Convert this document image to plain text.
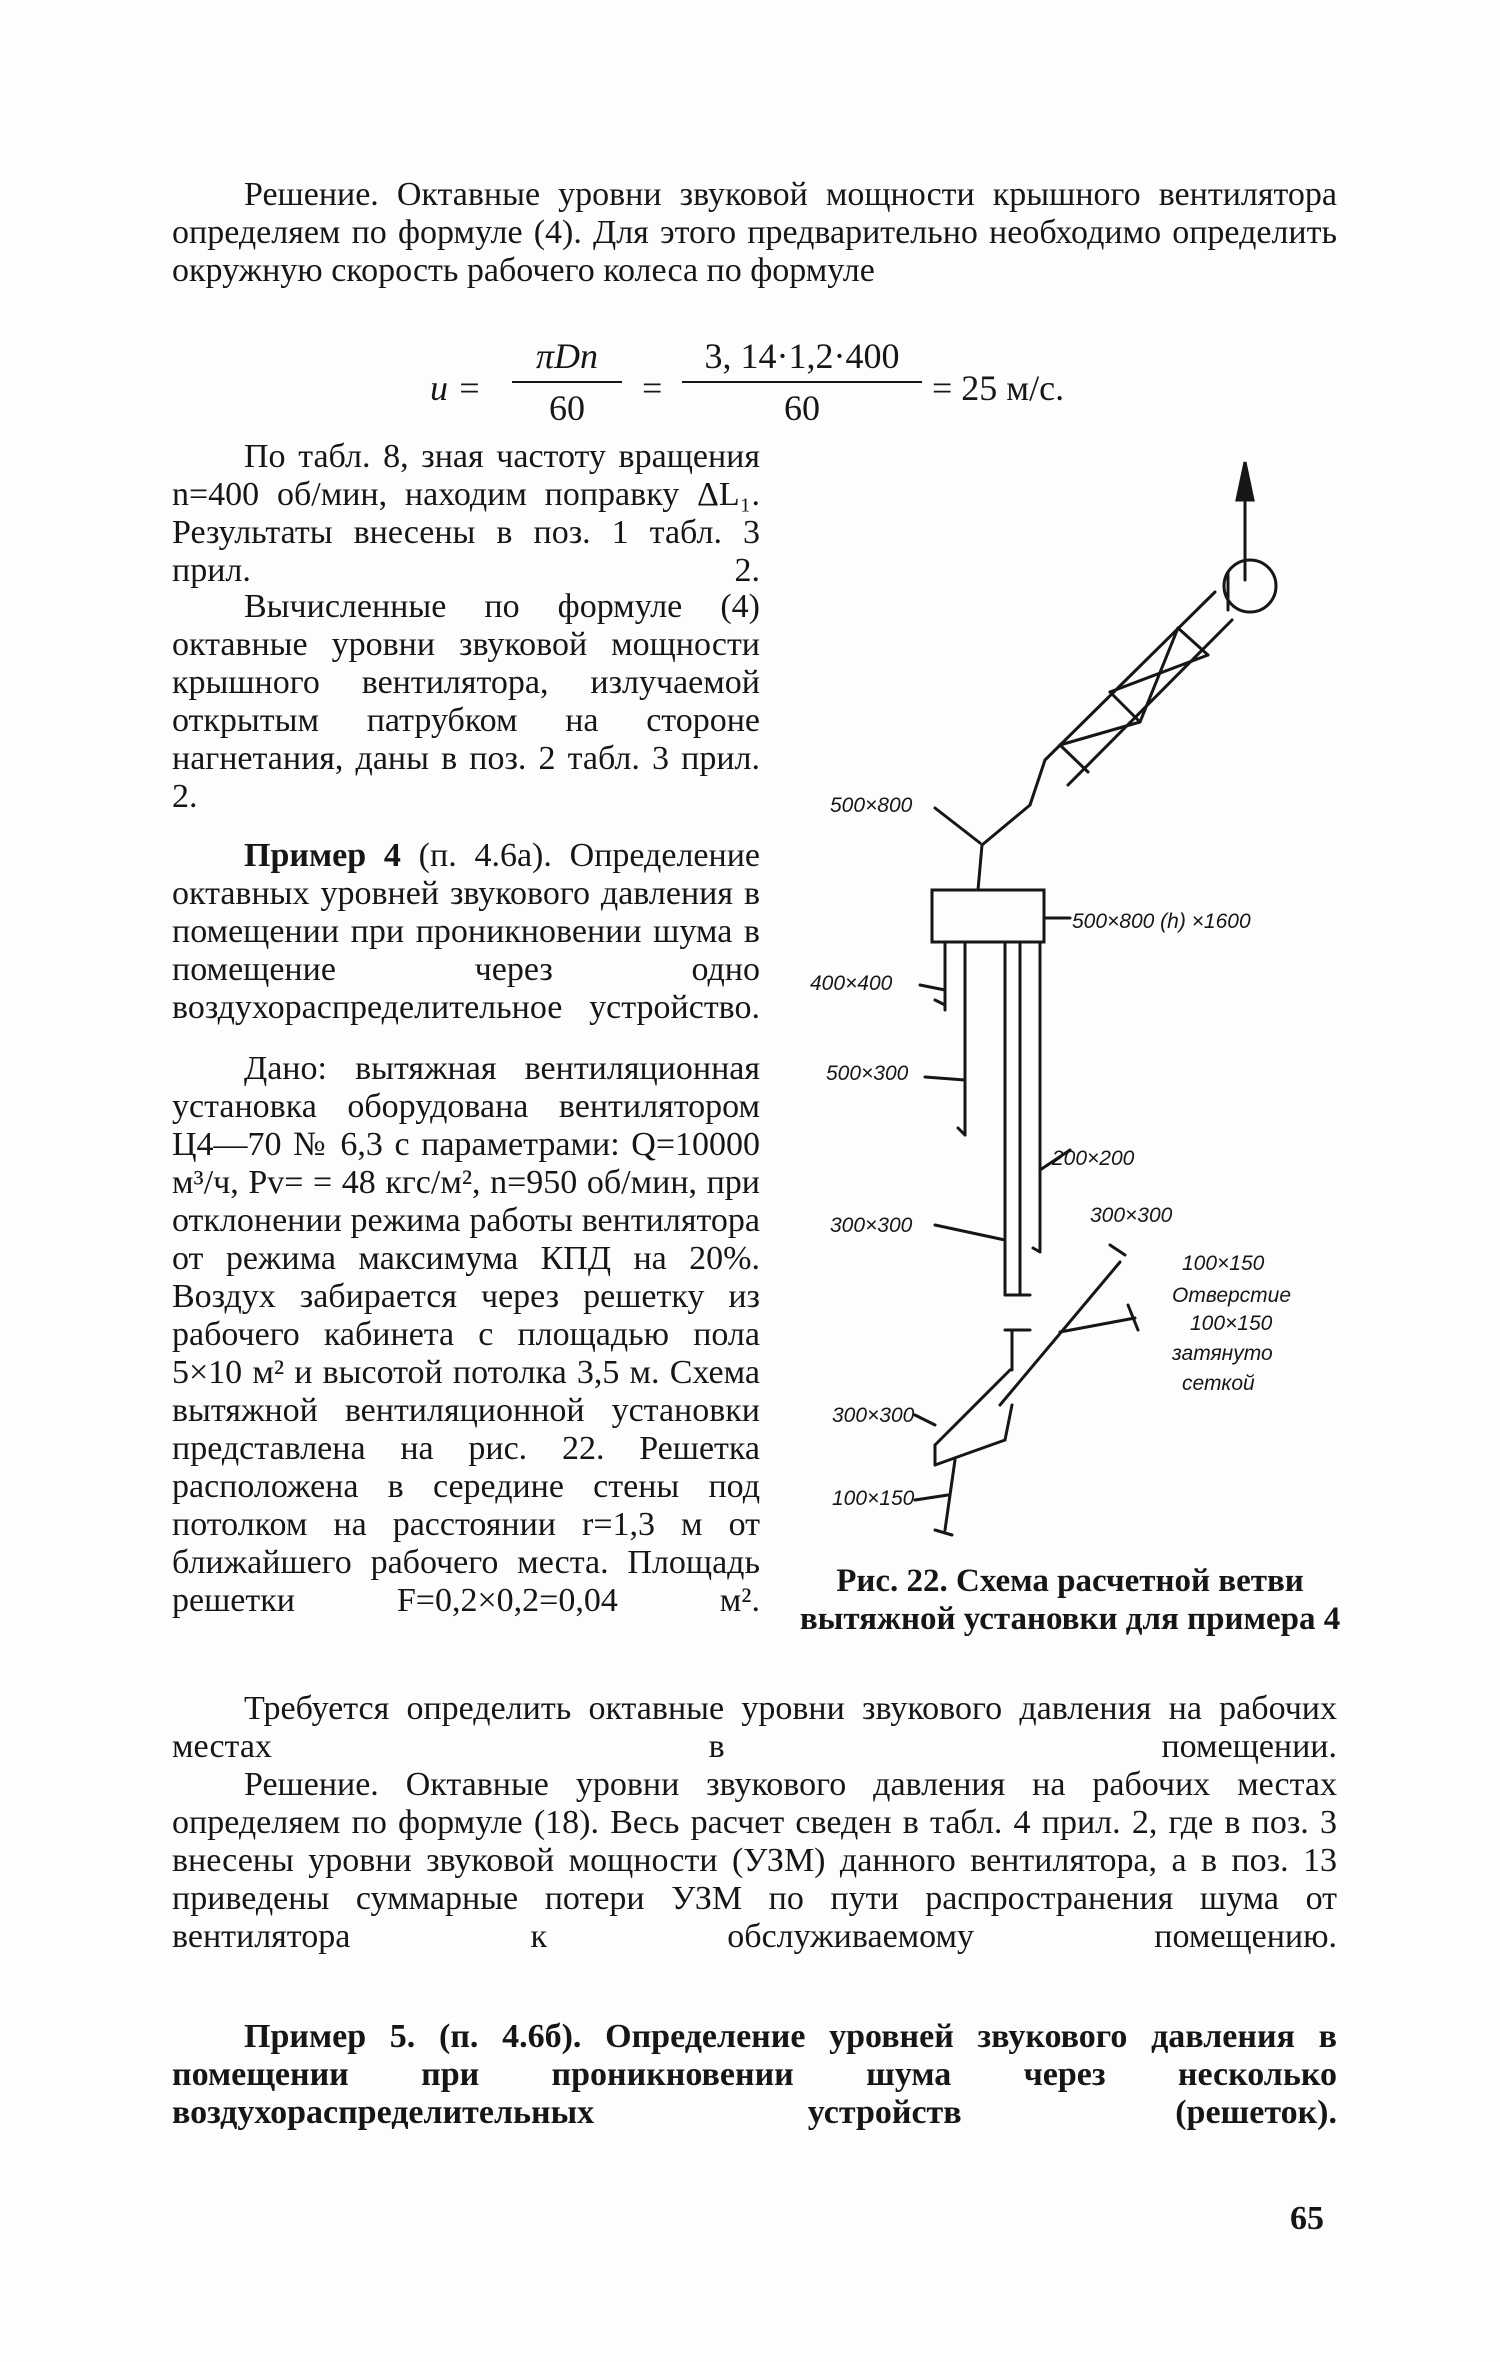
Решение. Октавные уровни звуковой мощности крышного вентилятора определяем по формуле (4). Для этого предварительно необходимо определить окружную скорость рабочего колеса по формуле
u =
πDn
60	=
3, 14·1,2·400
60	= 25 м/с.
По табл. 8, зная частоту вращения n=400 об/мин, находим поправку ΔL₁. Результаты внесены в поз. 1 табл. 3 прил. 2.
Вычисленные по формуле (4) октавные уровни звуковой мощности крышного вентилятора, излучаемой открытым патрубком на стороне нагнетания, даны в поз. 2 табл. 3 прил. 2.
Пример 4 (п. 4.6а). Определение октавных уровней звукового давления в помещении при проникновении шума в помещение через одно воздухораспределительное устройство.
Дано: вытяжная вентиляционная установка оборудована вентилятором Ц4—70 № 6,3 с параметрами: Q=10000 м³/ч, Pv= = 48 кгс/м², n=950 об/мин, при отклонении режима работы вентилятора от режима максимума КПД на 20%. Воздух забирается через решетку из рабочего кабинета с площадью пола 5×10 м² и высотой потолка 3,5 м. Схема вытяжной вентиляционной установки представлена на рис. 22. Решетка расположена в середине стены под потолком на расстоянии r=1,3 м от ближайшего рабочего места. Площадь решетки F=0,2×0,2=0,04 м².
Требуется определить октавные уровни звукового давления на рабочих местах в помещении.
Решение. Октавные уровни звукового давления на рабочих местах определяем по формуле (18). Весь расчет сведен в табл. 4 прил. 2, где в поз. 3 внесены уровни звуковой мощности (УЗМ) данного вентилятора, а в поз. 13 приведены суммарные потери УЗМ по пути распространения шума от вентилятора к обслуживаемому помещению.
Пример 5. (п. 4.6б). Определение уровней звукового давления в помещении при проникновении шума через несколько воздухораспределительных устройств (решеток).
500×800
500×800 (h) ×1600
400×400
500×300
200×200
300×300	300×300
100×150
Отверстие
100×150
затянуто
сеткой
300×300
100×150
Рис. 22. Схема расчетной ветви вытяжной установки для примера 4
65
